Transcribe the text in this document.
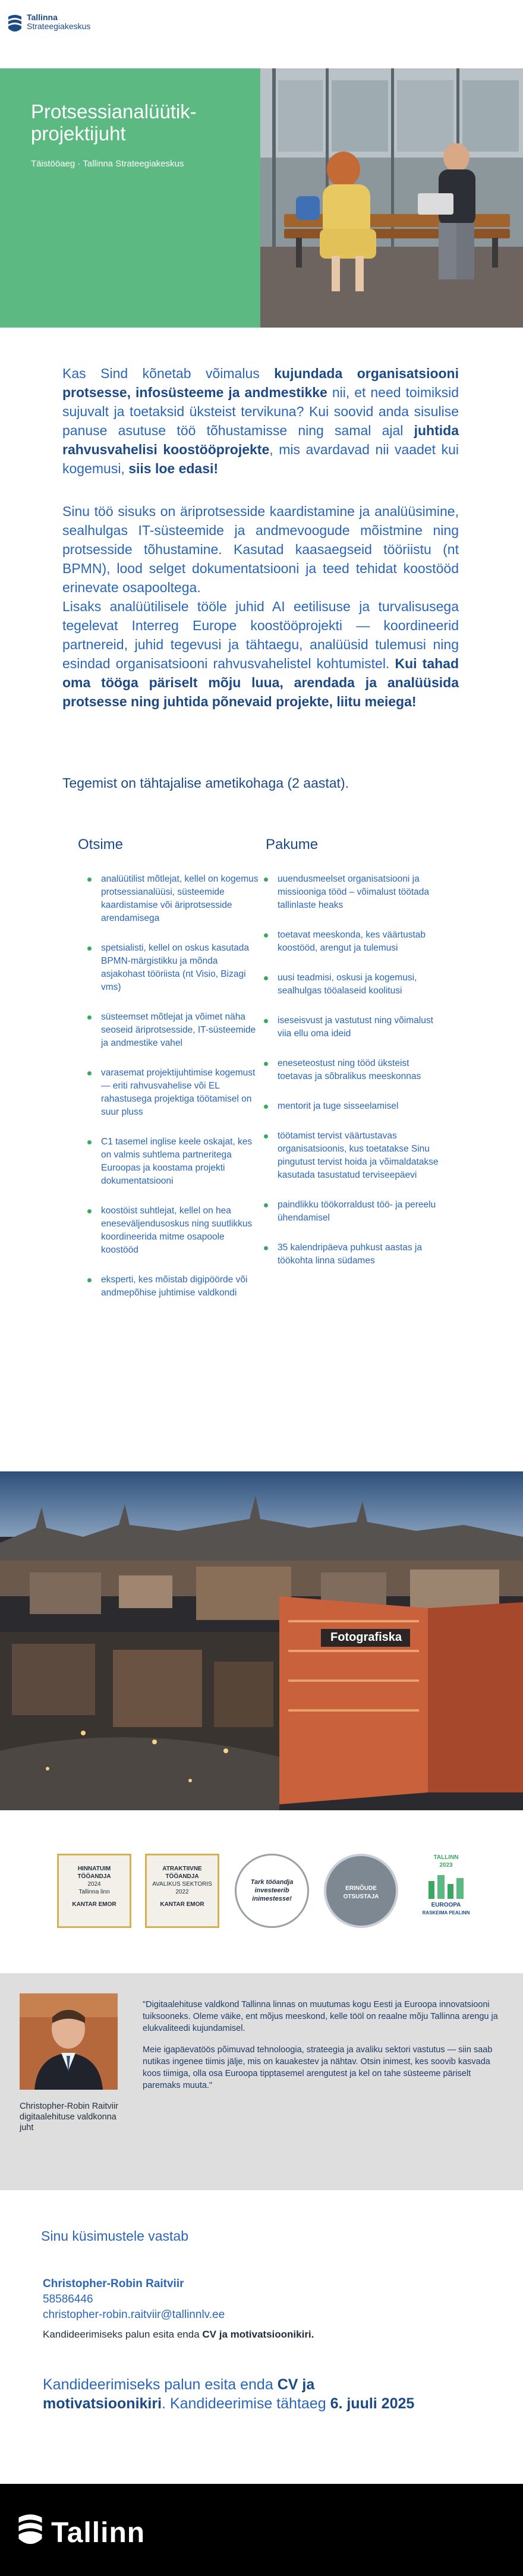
Tallinna
Strateegiakeskus
Protsessianalüütik-projektijuht
Täistööaeg · Tallinna Strateegiakeskus

Kas Sind kõnetab võimalus kujundada organisatsiooni protsesse, infosüsteeme ja andmestikke nii, et need toimiksid sujuvalt ja toetaksid üksteist tervikuna? Kui soovid anda sisulise panuse asutuse töö tõhustamisse ning samal ajal juhtida rahvusvahelisi koostööprojekte, mis avardavad nii vaadet kui kogemusi, siis loe edasi!

Sinu töö sisuks on äriprotsesside kaardistamine ja analüüsimine, sealhulgas IT-süsteemide ja andmevoogude mõistmine ning protsesside tõhustamine. Kasutad kaasaegseid tööriistu (nt BPMN), lood selget dokumentatsiooni ja teed tehidat koostööd erinevate osapooltega.
Lisaks analüütilisele tööle juhid AI eetilisuse ja turvalisusega tegelevat Interreg Europe koostööprojekti — koordineerid partnereid, juhid tegevusi ja tähtaegu, analüüsid tulemusi ning esindad organisatsiooni rahvusvahelistel kohtumistel. Kui tahad oma tööga päriselt mõju luua, arendada ja analüüsida protsesse ning juhtida põnevaid projekte, liitu meiega!

Tegemist on tähtajalise ametikohaga (2 aastat).
Otsime	Pakume
analüütilist mõtlejat, kellel on kogemus protsessianalüüsi, süsteemide kaardistamise või äriprotsesside arendamisega
spetsialisti, kellel on oskus kasutada BPMN-märgistikku ja mõnda asjakohast tööriista (nt Visio, Bizagi vms)
süsteemset mõtlejat ja võimet näha seoseid äriprotsesside, IT-süsteemide ja andmestike vahel
varasemat projektijuhtimise kogemust — eriti rahvusvahelise või EL rahastusega projektiga töötamisel on suur pluss
C1 tasemel inglise keele oskajat, kes on valmis suhtlema partneritega Euroopas ja koostama projekti dokumentatsiooni
koostöist suhtlejat, kellel on hea eneseväljendusoskus ning suutlikkus koordineerida mitme osapoole koostööd
eksperti, kes mõistab digipöörde või andmepõhise juhtimise valdkondi
uuendusmeelset organisatsiooni ja missiooniga tööd – võimalust töötada tallinlaste heaks
toetavat meeskonda, kes väärtustab koostööd, arengut ja tulemusi
uusi teadmisi, oskusi ja kogemusi, sealhulgas tööalaseid koolitusi
iseseisvust ja vastutust ning võimalust viia ellu oma ideid
eneseteostust ning tööd üksteist toetavas ja sõbralikus meeskonnas
mentorit ja tuge sisseelamisel
töötamist tervist väärtustavas organisatsioonis, kus toetatakse Sinu pingutust tervist hoida ja võimaldatakse kasutada tasustatud terviseepäevi
paindlikku töökorraldust töö- ja pereelu ühendamisel
35 kalendripäeva puhkust aastas ja töökohta linna südames
Fotografiska
HINNATUIM
TÖÖANDJA
2024
Tallinna linn
KANTAR EMOR
ATRAKTIIVNE
TÖÖANDJA
AVALIKUS SEKTORIS
2022
KANTAR EMOR
Tark tööandja
investeerib
inimestesse!
ERINÕUDE
OTSUSTAJA
TALLINN
2023
EUROOPA
RASKEIMA PEALINN
Christopher-Robin Raitviir
digitaalehituse valdkonna juht

"Digitaalehituse valdkond Tallinna linnas on muutumas kogu Eesti ja Euroopa innovatsiooni tuiksooneks. Oleme väike, ent mõjus meeskond, kelle tööl on reaalne mõju Tallinna arengu ja elukvaliteedi kujundamisel.

Meie igapäevatöös põimuvad tehnoloogia, strateegia ja avaliku sektori vastutus — siin saab nutikas ingenee tiimis jälje, mis on kauakestev ja nähtav. Otsin inimest, kes soovib kasvada koos tiimiga, olla osa Euroopa tipptasemel arengutest ja kel on tahe süsteeme päriselt paremaks muuta."

Sinu küsimustele vastab
Christopher-Robin Raitviir
58586446
christopher-robin.raitviir@tallinnlv.ee
Kandideerimiseks palun esita enda CV ja motivatsioonikiri.

Kandideerimiseks palun esita enda CV ja motivatsioonikiri. Kandideerimise tähtaeg 6. juuli 2025

Tallinn
